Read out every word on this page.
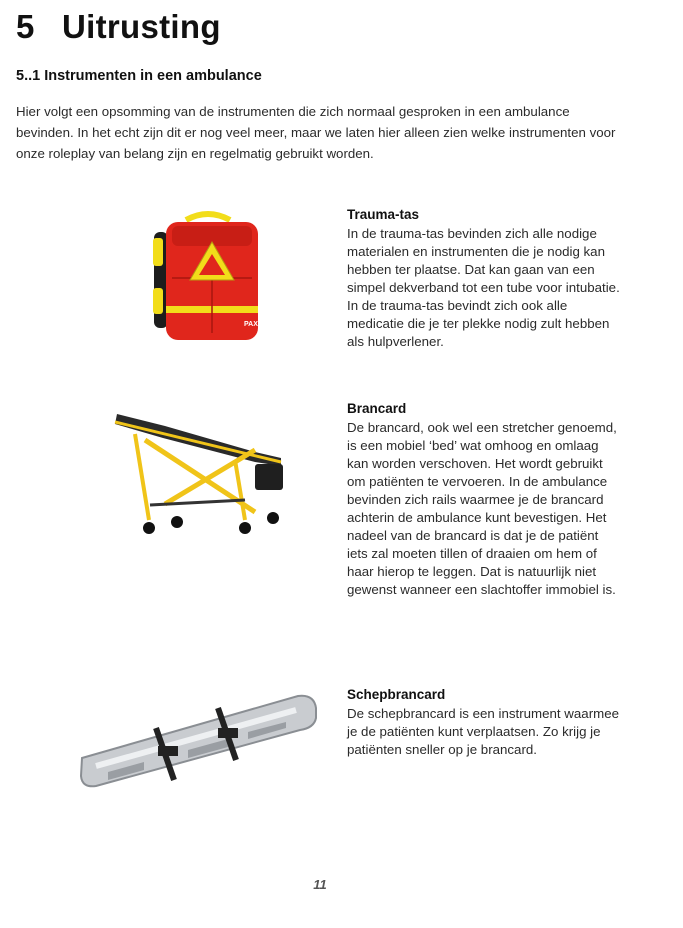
5 Uitrusting
5..1 Instrumenten in een ambulance

Hier volgt een opsomming van de instrumenten die zich normaal gesproken in een ambulance bevinden. In het echt zijn dit er nog veel meer, maar we laten hier alleen zien welke instrumenten voor onze roleplay van belang zijn en regelmatig gebruikt worden.

PAX
Trauma-tas

In de trauma-tas bevinden zich alle nodige materialen en instrumenten die je nodig kan hebben ter plaatse. Dat kan gaan van een simpel dekverband tot een tube voor intubatie. In de trauma-tas bevindt zich ook alle medicatie die je ter plekke nodig zult hebben als hulpverlener.

Brancard

De brancard, ook wel een stretcher genoemd, is een mobiel ‘bed’ wat omhoog en omlaag kan worden verschoven. Het wordt gebruikt om patiënten te vervoeren. In de ambulance bevinden zich rails waarmee je de brancard achterin de ambulance kunt bevestigen. Het nadeel van de brancard is dat je de patiënt iets zal moeten tillen of draaien om hem of haar hierop te leggen. Dat is natuurlijk niet gewenst wanneer een slachtoffer immobiel is.

Schepbrancard

De schepbrancard is een instrument waarmee je de patiënten kunt verplaatsen. Zo krijg je patiënten sneller op je brancard.

11
